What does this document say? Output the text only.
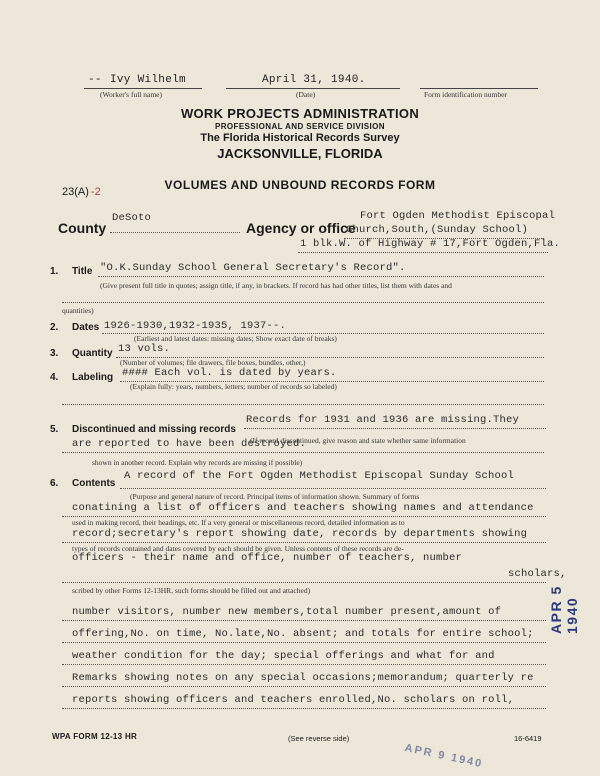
-- Ivy Wilhelm	April 31, 1940.
(Worker's full name)	(Date)	Form identification number
WORK PROJECTS ADMINISTRATION
PROFESSIONAL AND SERVICE DIVISION
The Florida Historical Records Survey
JACKSONVILLE, FLORIDA
23(A) -2	VOLUMES AND UNBOUND RECORDS FORM
County
DeSoto
Agency or office
Fort Ogden Methodist Episcopal
Church,South,(Sunday School)
1 blk.W. of Highway # 17,Fort Ogden,Fla.
1. Title "O.K.Sunday School General Secretary's Record".
(Give present full title in quotes; assign title, if any, in brackets. If record has had other titles, list them with dates and
quantities)
2. Dates 1926-1930,1932-1935, 1937--.
(Earliest and latest dates: missing dates; Show exact date of breaks)
3. Quantity 13 vols.
(Number of volumes; file drawers, file boxes, bundles, other,)
4. Labeling #### Each vol. is dated by years.
(Explain fully: years, numbers, letters; number of records so labeled)
5. Discontinued and missing records
Records for 1931 and 1936 are missing.They
(If record discontinued, give reason and state whether same information
are reported to have been destroyed.
shown in another record. Explain why records are missing if possible)
6. Contents
A record of the Fort Ogden Methodist Episcopal Sunday School
(Purpose and general nature of record. Principal items of information shown. Summary of forms
conatining a list of officers and teachers showing names and attendance
used in making record, their headings, etc. If a very general or miscellaneous record, detailed information as to
record;secretary's report showing date, records by departments showing
types of records contained and dates covered by each should be given. Unless contents of these records are de-
officers - their name and office, number of teachers, number
scholars,
scribed by other Forms 12-13HR, such forms should be filled out and attached)
number visitors, number new members,total number present,amount of
offering,No. on time, No.late,No. absent; and totals for entire school;
weather condition for the day; special offerings and what for and
Remarks showing notes on any special occasions;memorandum; quarterly re
reports showing officers and teachers enrolled,No. scholars on roll,
WPA FORM 12-13 HR	(See reverse side)	16-6419
APR 5 1940
APR 9 1940
